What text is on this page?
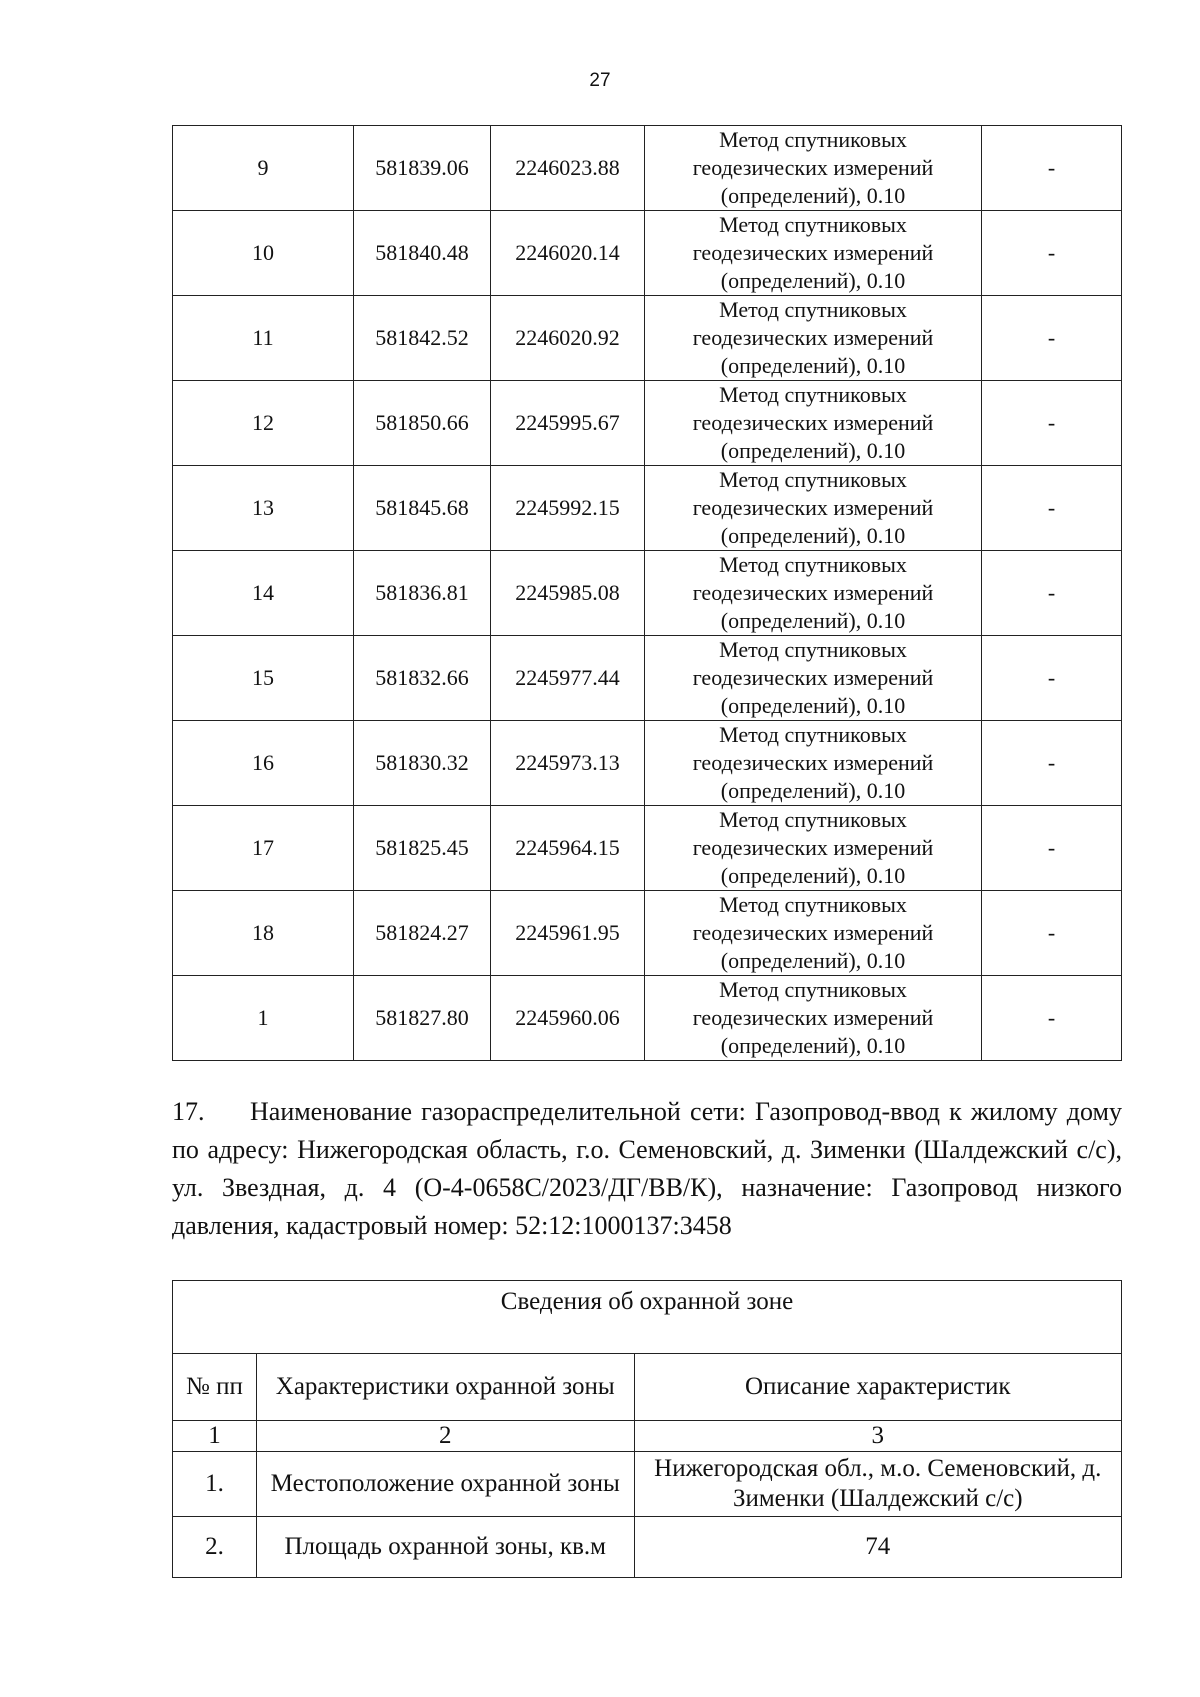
27
9	581839.06	2246023.88	Метод спутниковых
геодезических измерений
(определений), 0.10	-
10	581840.48	2246020.14	Метод спутниковых
геодезических измерений
(определений), 0.10	-
11	581842.52	2246020.92	Метод спутниковых
геодезических измерений
(определений), 0.10	-
12	581850.66	2245995.67	Метод спутниковых
геодезических измерений
(определений), 0.10	-
13	581845.68	2245992.15	Метод спутниковых
геодезических измерений
(определений), 0.10	-
14	581836.81	2245985.08	Метод спутниковых
геодезических измерений
(определений), 0.10	-
15	581832.66	2245977.44	Метод спутниковых
геодезических измерений
(определений), 0.10	-
16	581830.32	2245973.13	Метод спутниковых
геодезических измерений
(определений), 0.10	-
17	581825.45	2245964.15	Метод спутниковых
геодезических измерений
(определений), 0.10	-
18	581824.27	2245961.95	Метод спутниковых
геодезических измерений
(определений), 0.10	-
1	581827.80	2245960.06	Метод спутниковых
геодезических измерений
(определений), 0.10	-
17. Наименование газораспределительной сети: Газопровод-ввод к жилому дому по адресу: Нижегородская область, г.о. Семеновский, д. Зименки (Шалдежский с/с), ул. Звездная, д. 4 (О-4-0658С/2023/ДГ/ВВ/К), назначение: Газопровод низкого давления, кадастровый номер: 52:12:1000137:3458
Сведения об охранной зоне		
№ пп	Характеристики охранной зоны	Описание характеристик
1	2	3
1.	Местоположение охранной зоны	Нижегородская обл., м.о. Семеновский, д. Зименки (Шалдежский с/с)
2.	Площадь охранной зоны, кв.м	74
